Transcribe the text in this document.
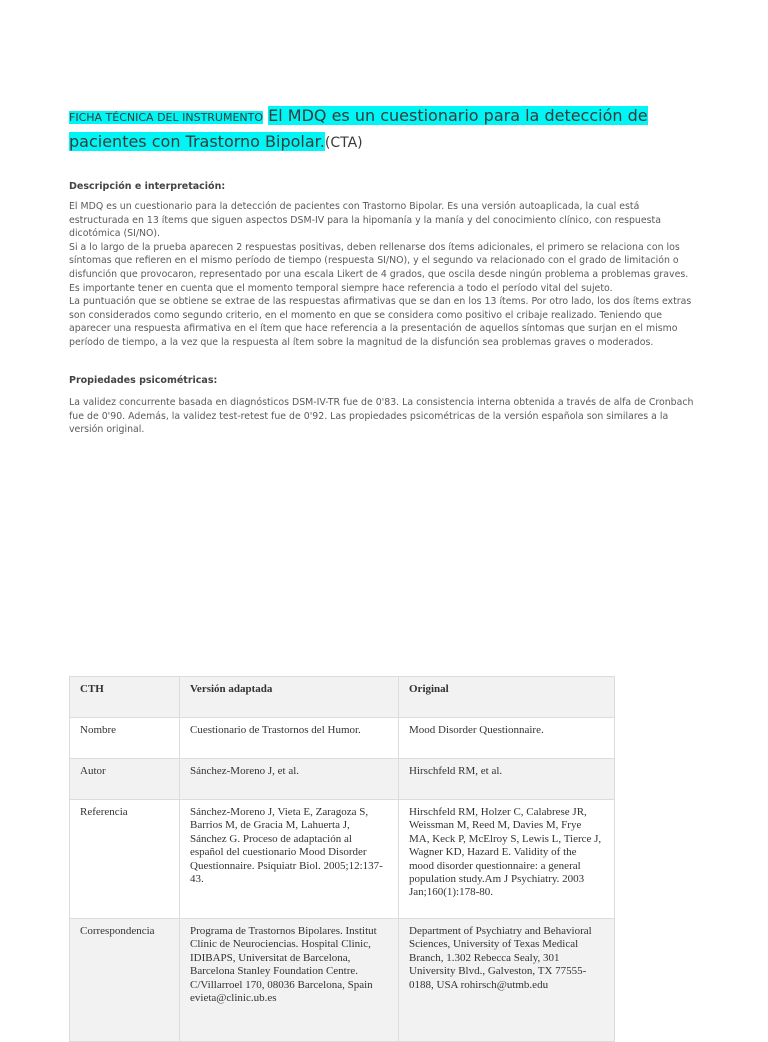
FICHA TÉCNICA DEL INSTRUMENTO El MDQ es un cuestionario para la detección de pacientes con Trastorno Bipolar.(CTA)
Descripción e interpretación:

El MDQ es un cuestionario para la detección de pacientes con Trastorno Bipolar. Es una versión autoaplicada, la cual está estructurada en 13 ítems que siguen aspectos DSM-IV para la hipomanía y la manía y del conocimiento clínico, con respuesta dicotómica (SI/NO).

Si a lo largo de la prueba aparecen 2 respuestas positivas, deben rellenarse dos ítems adicionales, el primero se relaciona con los síntomas que refieren en el mismo período de tiempo (respuesta SI/NO), y el segundo va relacionado con el grado de limitación o disfunción que provocaron, representado por una escala Likert de 4 grados, que oscila desde ningún problema a problemas graves.

Es importante tener en cuenta que el momento temporal siempre hace referencia a todo el período vital del sujeto.

La puntuación que se obtiene se extrae de las respuestas afirmativas que se dan en los 13 ítems. Por otro lado, los dos ítems extras son considerados como segundo criterio, en el momento en que se considera como positivo el cribaje realizado. Teniendo que aparecer una respuesta afirmativa en el ítem que hace referencia a la presentación de aquellos síntomas que surjan en el mismo período de tiempo, a la vez que la respuesta al ítem sobre la magnitud de la disfunción sea problemas graves o moderados.

Propiedades psicométricas:

La validez concurrente basada en diagnósticos DSM-IV-TR fue de 0'83. La consistencia interna obtenida a través de alfa de Cronbach fue de 0'90. Además, la validez test-retest fue de 0'92. Las propiedades psicométricas de la versión española son similares a la versión original.

CTH	Versión adaptada	Original
Nombre	Cuestionario de Trastornos del Humor.	Mood Disorder Questionnaire.
Autor	Sánchez-Moreno J, et al.	Hirschfeld RM, et al.
Referencia	Sánchez-Moreno J, Vieta E, Zaragoza S, Barrios M, de Gracia M, Lahuerta J, Sánchez G. Proceso de adaptación al español del cuestionario Mood Disorder Questionnaire. Psiquiatr Biol. 2005;12:137-43.	Hirschfeld RM, Holzer C, Calabrese JR, Weissman M, Reed M, Davies M, Frye MA, Keck P, McElroy S, Lewis L, Tierce J, Wagner KD, Hazard E. Validity of the mood disorder questionnaire: a general population study.Am J Psychiatry. 2003 Jan;160(1):178-80.
Correspondencia	Programa de Trastornos Bipolares. Institut Clínic de Neurociencias. Hospital Clinic, IDIBAPS, Universitat de Barcelona, Barcelona Stanley Foundation Centre. C/Villarroel 170, 08036 Barcelona, Spain evieta@clinic.ub.es	Department of Psychiatry and Behavioral Sciences, University of Texas Medical Branch, 1.302 Rebecca Sealy, 301 University Blvd., Galveston, TX 77555-0188, USA rohirsch@utmb.edu
